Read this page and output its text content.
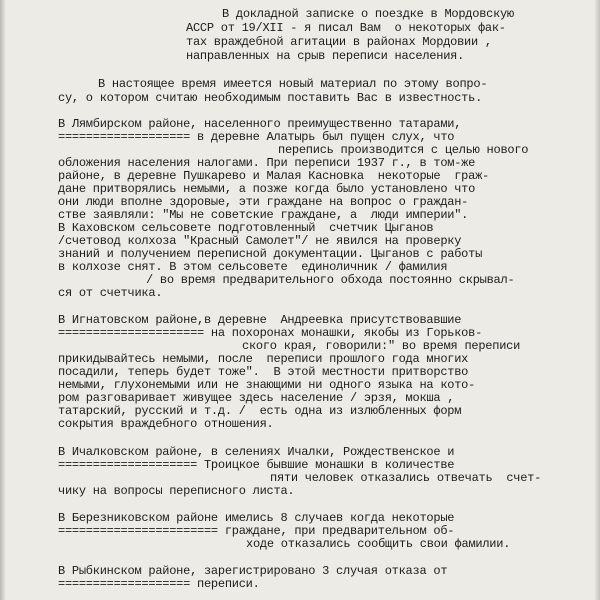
В докладной записке о поездке в Мордовскую
АССР от 19/XII - я писал Вам  о некоторых фак-
тах враждебной агитации в районах Мордовии ,
направленных на срыв переписи населения.
В настоящее время имеется новый материал по этому вопро-
су, о котором считаю необходимым поставить Вас в известность.
В Лямбирском районе, населенного преимущественно татарами,
=================== в деревне Алатырь был пущен слух, что
перепись производится с целью нового
обложения населения налогами. При переписи 1937 г., в том-же
районе, в деревне Пушкарево и Малая Касновка  некоторые  граж-
дане притворялись немыми, а позже когда было установлено что
они люди вполне здоровые, эти граждане на вопрос о граждан-
стве заявляли: "Мы не советские граждане, а  люди империи".
В Каховском сельсовете подготовленный  счетчик Цыганов
/счетовод колхоза "Красный Самолет"/ не явился на проверку
знаний и получением переписной документации. Цыганов с работы
в колхозе снят. В этом сельсовете  единоличник / фамилия
/ во время предварительного обхода постоянно скрывал-
ся от счетчика.
В Игнатовском районе,в деревне  Андреевка присутствовавшие
===================== на похоронах монашки, якобы из Горьков-
ского края, говорили:" во время переписи
прикидывайтесь немыми, после  переписи прошлого года многих
посадили, теперь будет тоже".  В этой местности притворство
немыми, глухонемыми или не знающими ни одного языка на кото-
ром разговаривает живущее здесь население / эрзя, мокша ,
татарский, русский и т.д. /  есть одна из излюбленных форм
сокрытия враждебного отношения.
В Ичалковском районе, в селениях Ичалки, Рождественское и
==================== Троицкое бывшие монашки в количестве
пяти человек отказались отвечать  счет-
чику на вопросы переписного листа.
В Березниковском районе имелись 8 случаев когда некоторые
======================= граждане, при предварительном об-
ходе отказались сообщить свои фамилии.
В Рыбкинском районе, зарегистрировано 3 случая отказа от
=================== переписи.
